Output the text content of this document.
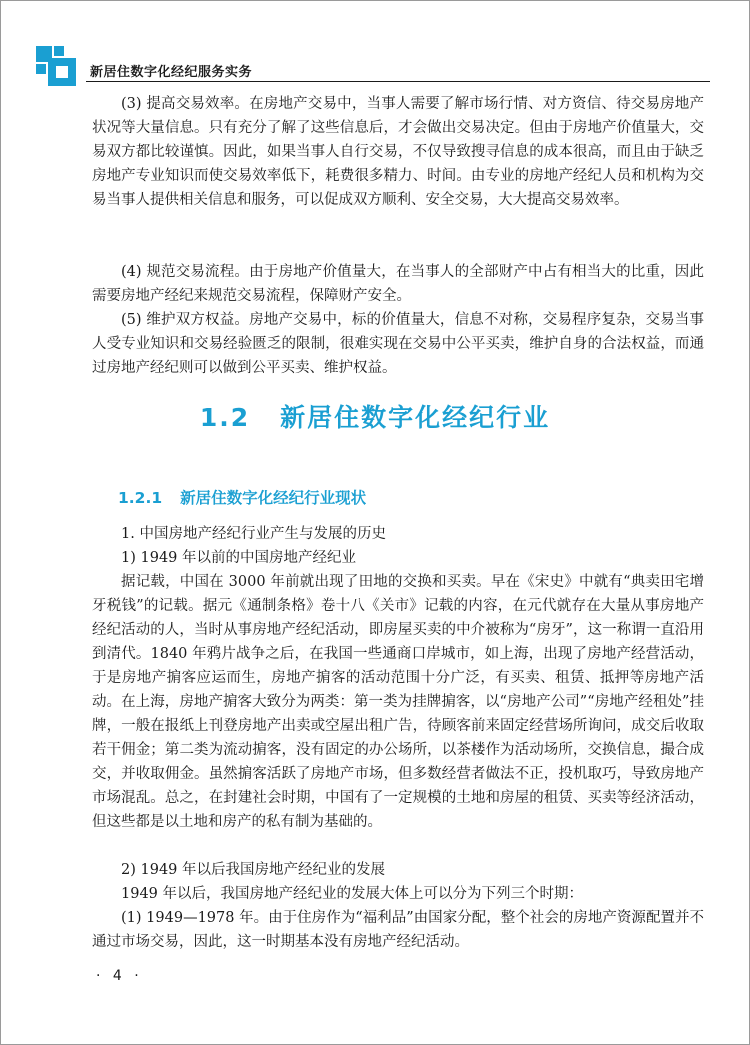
新居住数字化经纪服务实务

(3) 提高交易效率。在房地产交易中，当事人需要了解市场行情、对方资信、待交易房地产状况等大量信息。只有充分了解了这些信息后，才会做出交易决定。但由于房地产价值量大，交易双方都比较谨慎。因此，如果当事人自行交易，不仅导致搜寻信息的成本很高，而且由于缺乏房地产专业知识而使交易效率低下，耗费很多精力、时间。由专业的房地产经纪人员和机构为交易当事人提供相关信息和服务，可以促成双方顺利、安全交易，大大提高交易效率。

(4) 规范交易流程。由于房地产价值量大，在当事人的全部财产中占有相当大的比重，因此需要房地产经纪来规范交易流程，保障财产安全。

(5) 维护双方权益。房地产交易中，标的价值量大，信息不对称，交易程序复杂，交易当事人受专业知识和交易经验匮乏的限制，很难实现在交易中公平买卖，维护自身的合法权益，而通过房地产经纪则可以做到公平买卖、维护权益。

1.2 新居住数字化经纪行业
1.2.1 新居住数字化经纪行业现状

1. 中国房地产经纪行业产生与发展的历史

1) 1949 年以前的中国房地产经纪业

据记载，中国在 3000 年前就出现了田地的交换和买卖。早在《宋史》中就有“典卖田宅增牙税钱”的记载。据元《通制条格》卷十八《关市》记载的内容，在元代就存在大量从事房地产经纪活动的人，当时从事房地产经纪活动，即房屋买卖的中介被称为“房牙”，这一称谓一直沿用到清代。1840 年鸦片战争之后，在我国一些通商口岸城市，如上海，出现了房地产经营活动，于是房地产掮客应运而生，房地产掮客的活动范围十分广泛，有买卖、租赁、抵押等房地产活动。在上海，房地产掮客大致分为两类：第一类为挂牌掮客，以“房地产公司”“房地产经租处”挂牌，一般在报纸上刊登房地产出卖或空屋出租广告，待顾客前来固定经营场所询问，成交后收取若干佣金；第二类为流动掮客，没有固定的办公场所，以茶楼作为活动场所，交换信息，撮合成交，并收取佣金。虽然掮客活跃了房地产市场，但多数经营者做法不正，投机取巧，导致房地产市场混乱。总之，在封建社会时期，中国有了一定规模的土地和房屋的租赁、买卖等经济活动，但这些都是以土地和房产的私有制为基础的。

2) 1949 年以后我国房地产经纪业的发展

1949 年以后，我国房地产经纪业的发展大体上可以分为下列三个时期：

(1) 1949—1978 年。由于住房作为“福利品”由国家分配，整个社会的房地产资源配置并不通过市场交易，因此，这一时期基本没有房地产经纪活动。

· 4 ·
